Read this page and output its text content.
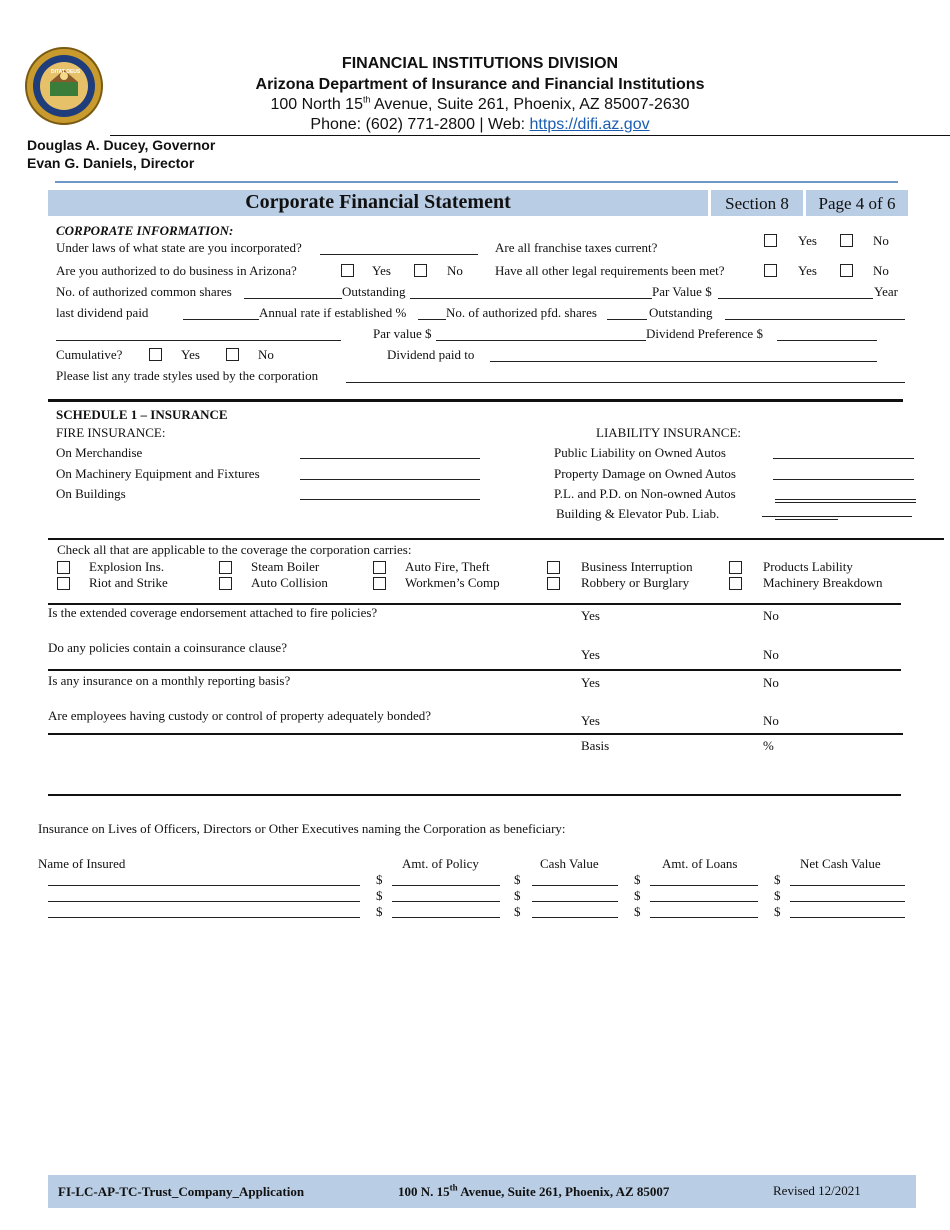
DITAT DEUS	FINANCIAL INSTITUTIONS DIVISION
Arizona Department of Insurance and Financial Institutions
100 North 15th Avenue, Suite 261, Phoenix, AZ 85007-2630
Phone: (602) 771-2800 | Web: https://difi.az.gov
Douglas A. Ducey, Governor
Evan G. Daniels, Director
Corporate Financial Statement	Section 8	Page 4 of 6
CORPORATE INFORMATION:
Under laws of what state are you incorporated?	Are all franchise taxes current?	Yes	No
Are you authorized to do business in Arizona?	Yes	No Have all other legal requirements been met?	Yes	No
No. of authorized common shares	Outstanding	Par Value $	Year
last dividend paid	Annual rate if established %	No. of authorized pfd. shares	Outstanding
Par value $	Dividend Preference $
Cumulative?	Yes	No	Dividend paid to
Please list any trade styles used by the corporation
SCHEDULE 1 – INSURANCE
FIRE INSURANCE:
On Merchandise
On Machinery Equipment and Fixtures
On Buildings
LIABILITY INSURANCE:
Public Liability on Owned Autos
Property Damage on Owned Autos
P.L. and P.D. on Non-owned Autos
Building & Elevator Pub. Liab.
Check all that are applicable to the coverage the corporation carries:
Explosion Ins.	Steam Boiler	Auto Fire, Theft	Business Interruption	Products Lability
Riot and Strike	Auto Collision	Workmen’s Comp	Robbery or Burglary	Machinery Breakdown
Is the extended coverage endorsement attached to fire policies?	Yes	No
Do any policies contain a coinsurance clause?	Yes	No
Is any insurance on a monthly reporting basis?	Yes	No
Are employees having custody or control of property adequately bonded?	Yes	No
Basis	%
Insurance on Lives of Officers, Directors or Other Executives naming the Corporation as beneficiary:
Name of Insured	Amt. of Policy	Cash Value	Amt. of Loans	Net Cash Value
$	$	$	$
$	$	$	$
$	$	$	$
FI-LC-AP-TC-Trust_Company_Application	100 N. 15th Avenue, Suite 261, Phoenix, AZ 85007	Revised 12/2021
